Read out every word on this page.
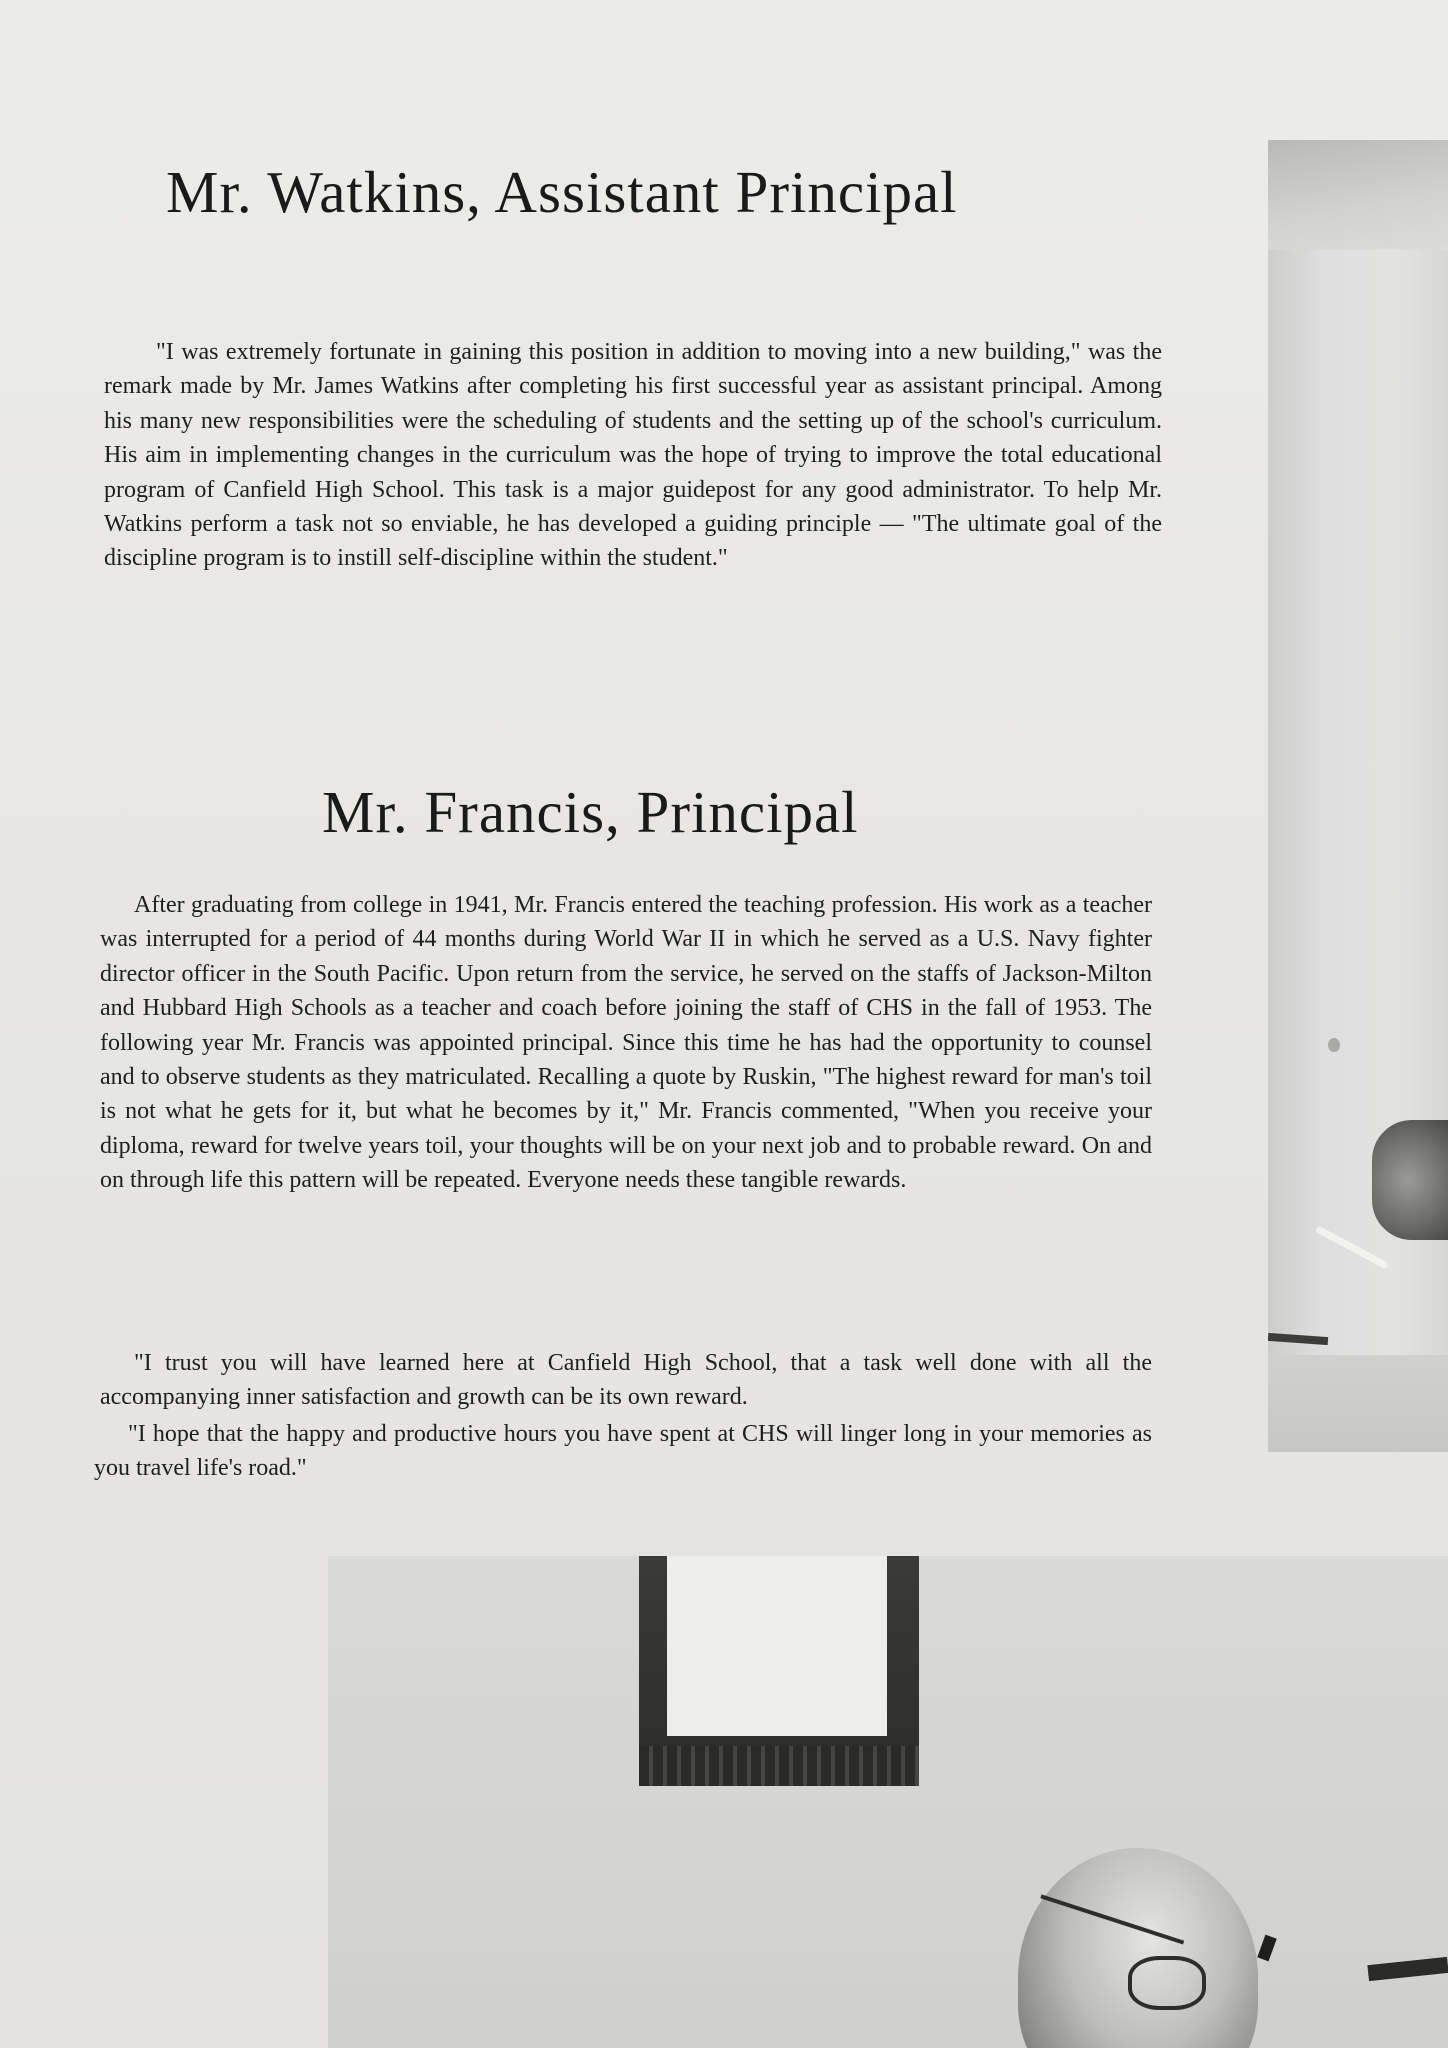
Mr. Watkins, Assistant Principal

"I was extremely fortunate in gaining this position in addition to moving into a new building," was the remark made by Mr. James Watkins after completing his first successful year as assistant principal. Among his many new responsibilities were the scheduling of students and the setting up of the school's curriculum. His aim in implementing changes in the curriculum was the hope of trying to improve the total educational program of Canfield High School. This task is a major guidepost for any good administrator. To help Mr. Watkins perform a task not so enviable, he has developed a guiding principle — "The ultimate goal of the discipline program is to instill self-discipline within the student."

Mr. Francis, Principal

After graduating from college in 1941, Mr. Francis entered the teaching profession. His work as a teacher was interrupted for a period of 44 months during World War II in which he served as a U.S. Navy fighter director officer in the South Pacific. Upon return from the service, he served on the staffs of Jackson-Milton and Hubbard High Schools as a teacher and coach before joining the staff of CHS in the fall of 1953. The following year Mr. Francis was appointed principal. Since this time he has had the opportunity to counsel and to observe students as they matriculated. Recalling a quote by Ruskin, "The highest reward for man's toil is not what he gets for it, but what he becomes by it," Mr. Francis commented, "When you receive your diploma, reward for twelve years toil, your thoughts will be on your next job and to probable reward. On and on through life this pattern will be repeated. Everyone needs these tangible rewards.

"I trust you will have learned here at Canfield High School, that a task well done with all the accompanying inner satisfaction and growth can be its own reward.

"I hope that the happy and productive hours you have spent at CHS will linger long in your memories as you travel life's road."
